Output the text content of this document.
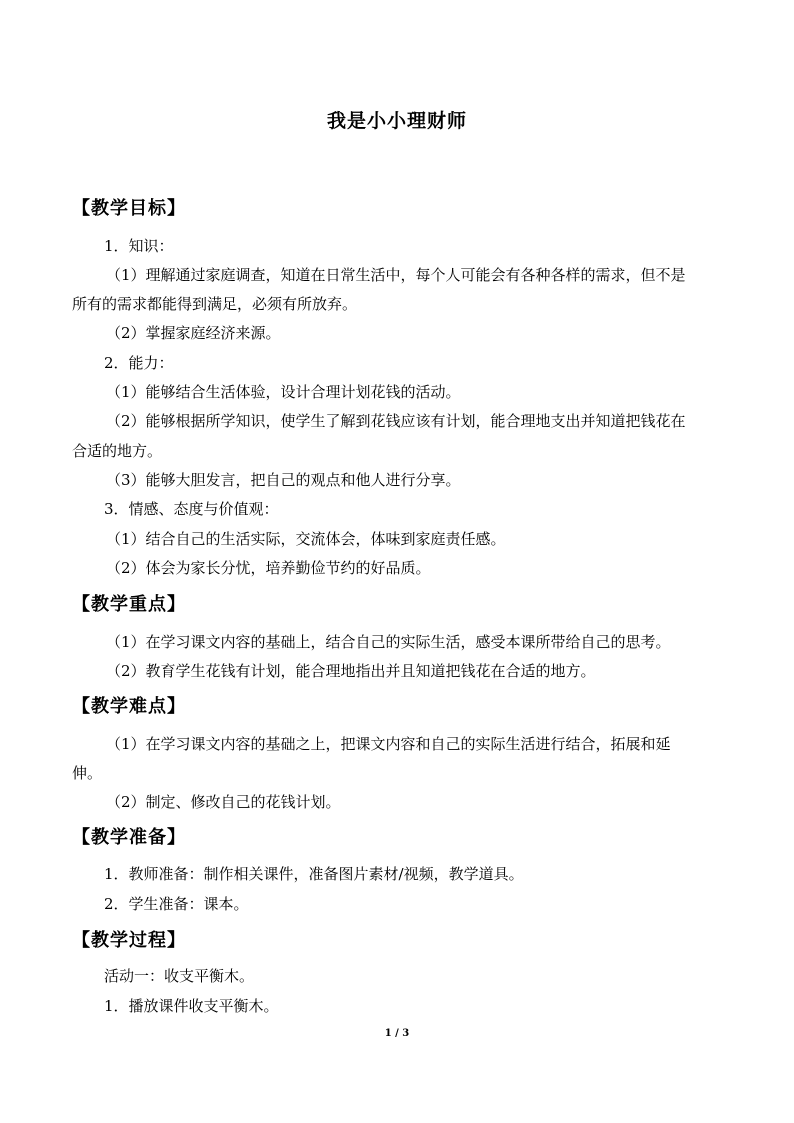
我是小小理财师
【教学目标】
1．知识：
（1）理解通过家庭调查，知道在日常生活中，每个人可能会有各种各样的需求，但不是
所有的需求都能得到满足，必须有所放弃。
（2）掌握家庭经济来源。
2．能力：
（1）能够结合生活体验，设计合理计划花钱的活动。
（2）能够根据所学知识，使学生了解到花钱应该有计划，能合理地支出并知道把钱花在
合适的地方。
（3）能够大胆发言，把自己的观点和他人进行分享。
3．情感、态度与价值观：
（1）结合自己的生活实际，交流体会，体味到家庭责任感。
（2）体会为家长分忧，培养勤俭节约的好品质。
【教学重点】
（1）在学习课文内容的基础上，结合自己的实际生活，感受本课所带给自己的思考。
（2）教育学生花钱有计划，能合理地指出并且知道把钱花在合适的地方。
【教学难点】
（1）在学习课文内容的基础之上，把课文内容和自己的实际生活进行结合，拓展和延
伸。
（2）制定、修改自己的花钱计划。
【教学准备】
1．教师准备：制作相关课件，准备图片素材/视频，教学道具。
2．学生准备：课本。
【教学过程】
活动一：收支平衡木。
1．播放课件收支平衡木。
1 / 3
